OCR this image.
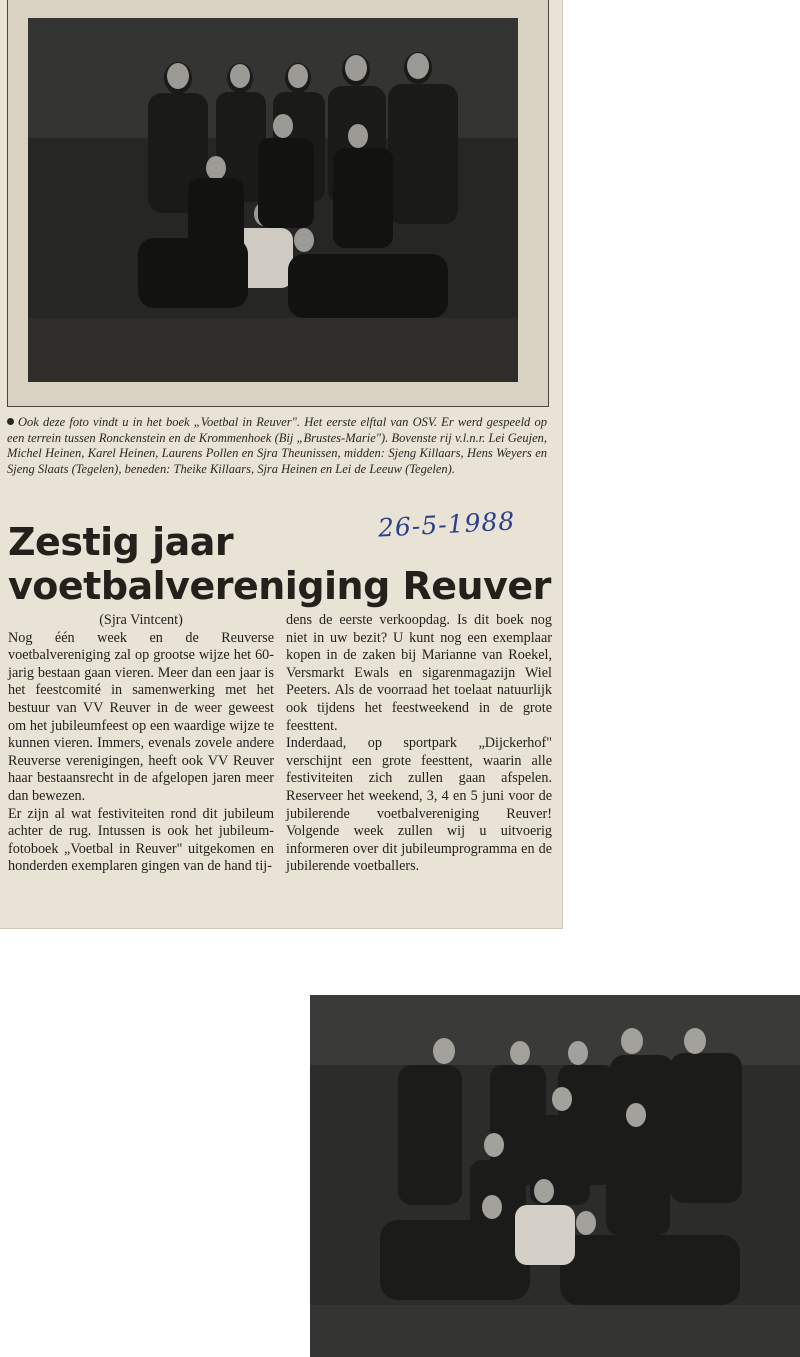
Ook deze foto vindt u in het boek „Voetbal in Reuver". Het eerste elftal van OSV. Er werd gespeeld op een terrein tussen Ronckenstein en de Krommenhoek (Bij „Brustes-Marie"). Bovenste rij v.l.n.r. Lei Geujen, Michel Heinen, Karel Heinen, Laurens Pollen en Sjra Theunissen, midden: Sjeng Killaars, Hens Weyers en Sjeng Slaats (Tegelen), beneden: Theike Killaars, Sjra Heinen en Lei de Leeuw (Tegelen).
26-5-1988
Zestig jaar
voetbalvereniging Reuver
(Sjra Vintcent)

Nog één week en de Reuverse voetbalvereniging zal op grootse wijze het 60-jarig bestaan gaan vieren. Meer dan een jaar is het feestcomité in samenwerking met het bestuur van VV Reuver in de weer geweest om het jubileumfeest op een waardige wijze te kunnen vieren. Immers, evenals zovele andere Reuverse verenigingen, heeft ook VV Reuver haar bestaansrecht in de afgelopen jaren meer dan bewezen.

Er zijn al wat festiviteiten rond dit jubileum achter de rug. Intussen is ook het jubileum-fotoboek „Voetbal in Reuver" uitgekomen en honderden exemplaren gingen van de hand tij-

dens de eerste verkoopdag. Is dit boek nog niet in uw bezit? U kunt nog een exemplaar kopen in de zaken bij Marianne van Roekel, Versmarkt Ewals en sigarenmagazijn Wiel Peeters. Als de voorraad het toelaat natuurlijk ook tijdens het feestweekend in de grote feesttent.

Inderdaad, op sportpark „Dijckerhof" verschijnt een grote feesttent, waarin alle festiviteiten zich zullen gaan afspelen. Reserveer het weekend, 3, 4 en 5 juni voor de jubilerende voetbalvereniging Reuver! Volgende week zullen wij u uitvoerig informeren over dit jubileumprogramma en de jubilerende voetballers.
